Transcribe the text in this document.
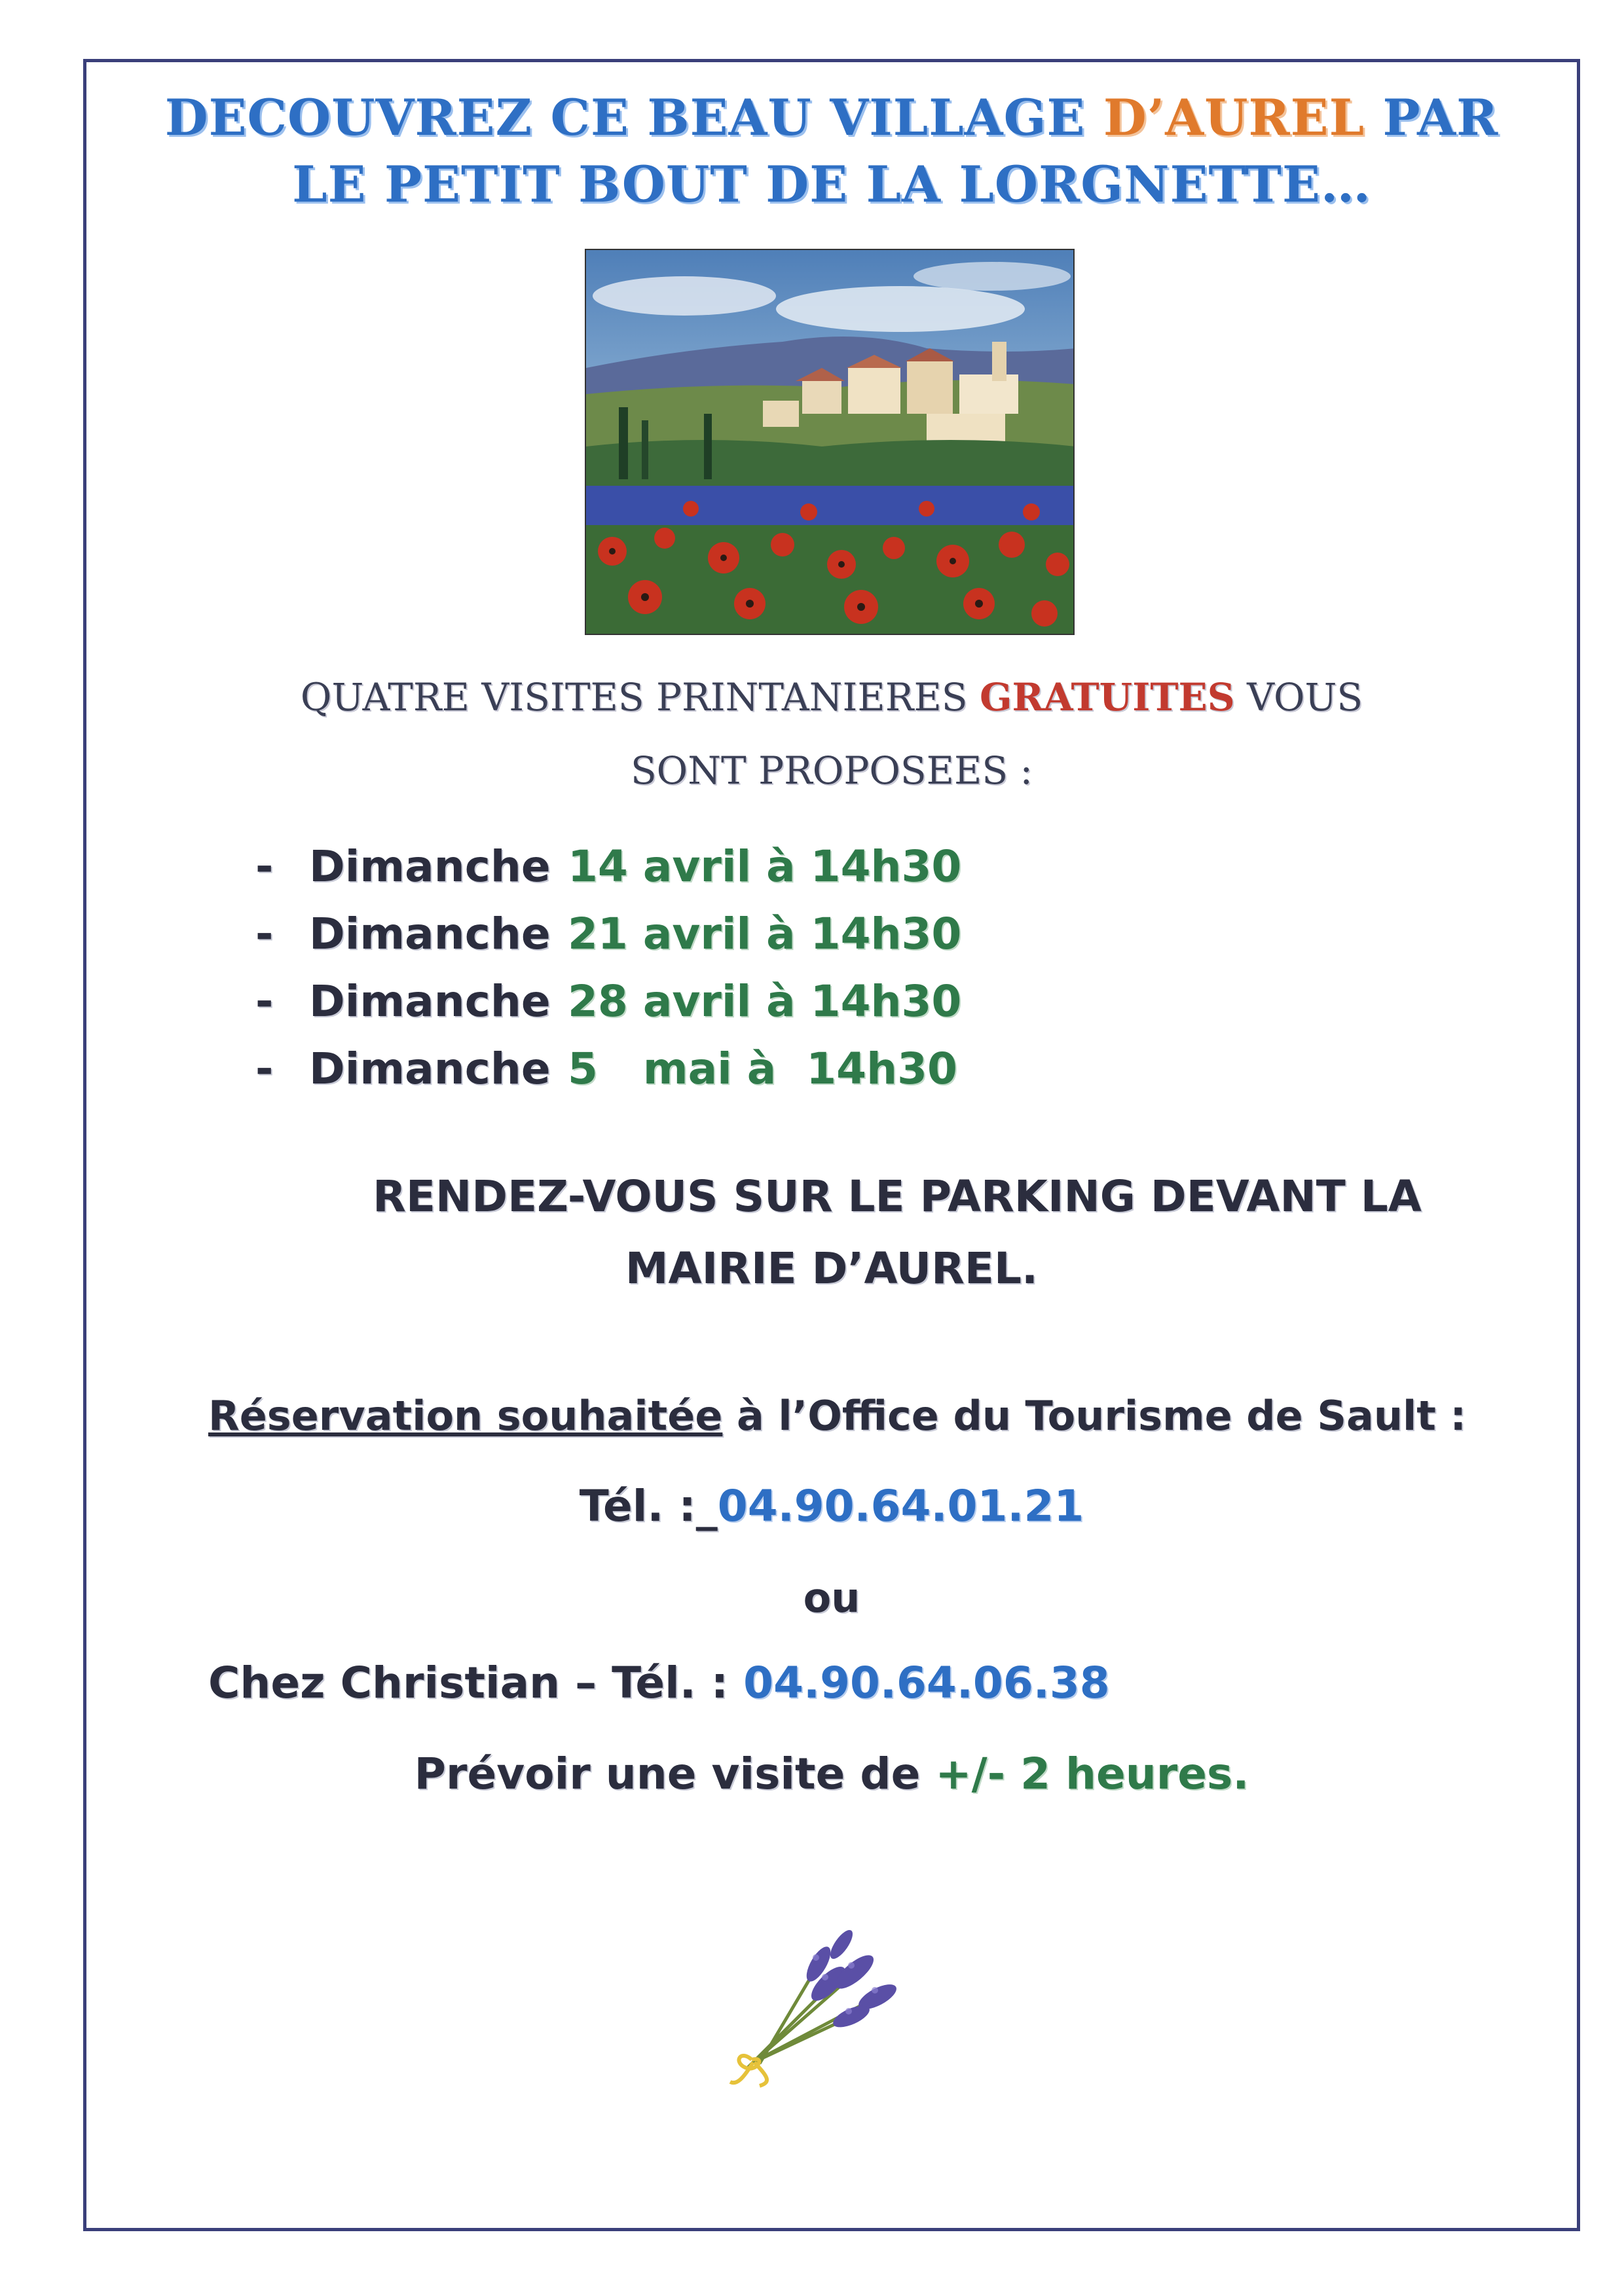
DECOUVREZ CE BEAU VILLAGE D’AUREL PAR
LE PETIT BOUT DE LA LORGNETTE…
QUATRE VISITES PRINTANIERES GRATUITES VOUS
SONT PROPOSEES :
- Dimanche 14 avril à 14h30
- Dimanche 21 avril à 14h30
- Dimanche 28 avril à 14h30
- Dimanche 5   mai à  14h30
RENDEZ-VOUS SUR LE PARKING DEVANT LA
MAIRIE D’AUREL.
Réservation souhaitée à l’Office du Tourisme de Sault :
Tél. :_04.90.64.01.21
ou
Chez Christian – Tél. : 04.90.64.06.38
Prévoir une visite de +/- 2 heures.
